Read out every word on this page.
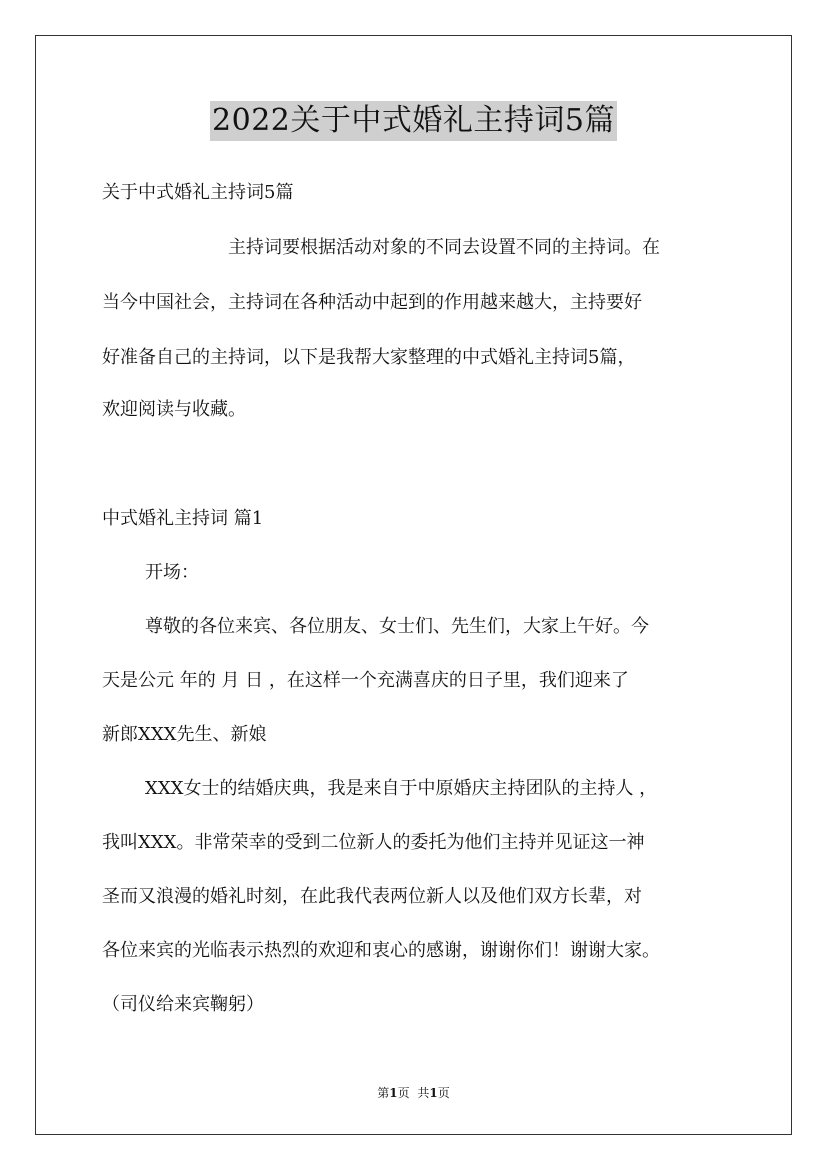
2022关于中式婚礼主持词5篇
关于中式婚礼主持词5篇
主持词要根据活动对象的不同去设置不同的主持词。在
当今中国社会，主持词在各种活动中起到的作用越来越大，主持要好
好准备自己的主持词，以下是我帮大家整理的中式婚礼主持词5篇，
欢迎阅读与收藏。
中式婚礼主持词 篇1
开场：
尊敬的各位来宾、各位朋友、女士们、先生们，大家上午好。今
天是公元 年的 月 日 ，在这样一个充满喜庆的日子里，我们迎来了
新郎XXX先生、新娘
XXX女士的结婚庆典，我是来自于中原婚庆主持团队的主持人 ，
我叫XXX。非常荣幸的受到二位新人的委托为他们主持并见证这一神
圣而又浪漫的婚礼时刻，在此我代表两位新人以及他们双方长辈，对
各位来宾的光临表示热烈的欢迎和衷心的感谢，谢谢你们！谢谢大家。
（司仪给来宾鞠躬）
第1页 共1页
